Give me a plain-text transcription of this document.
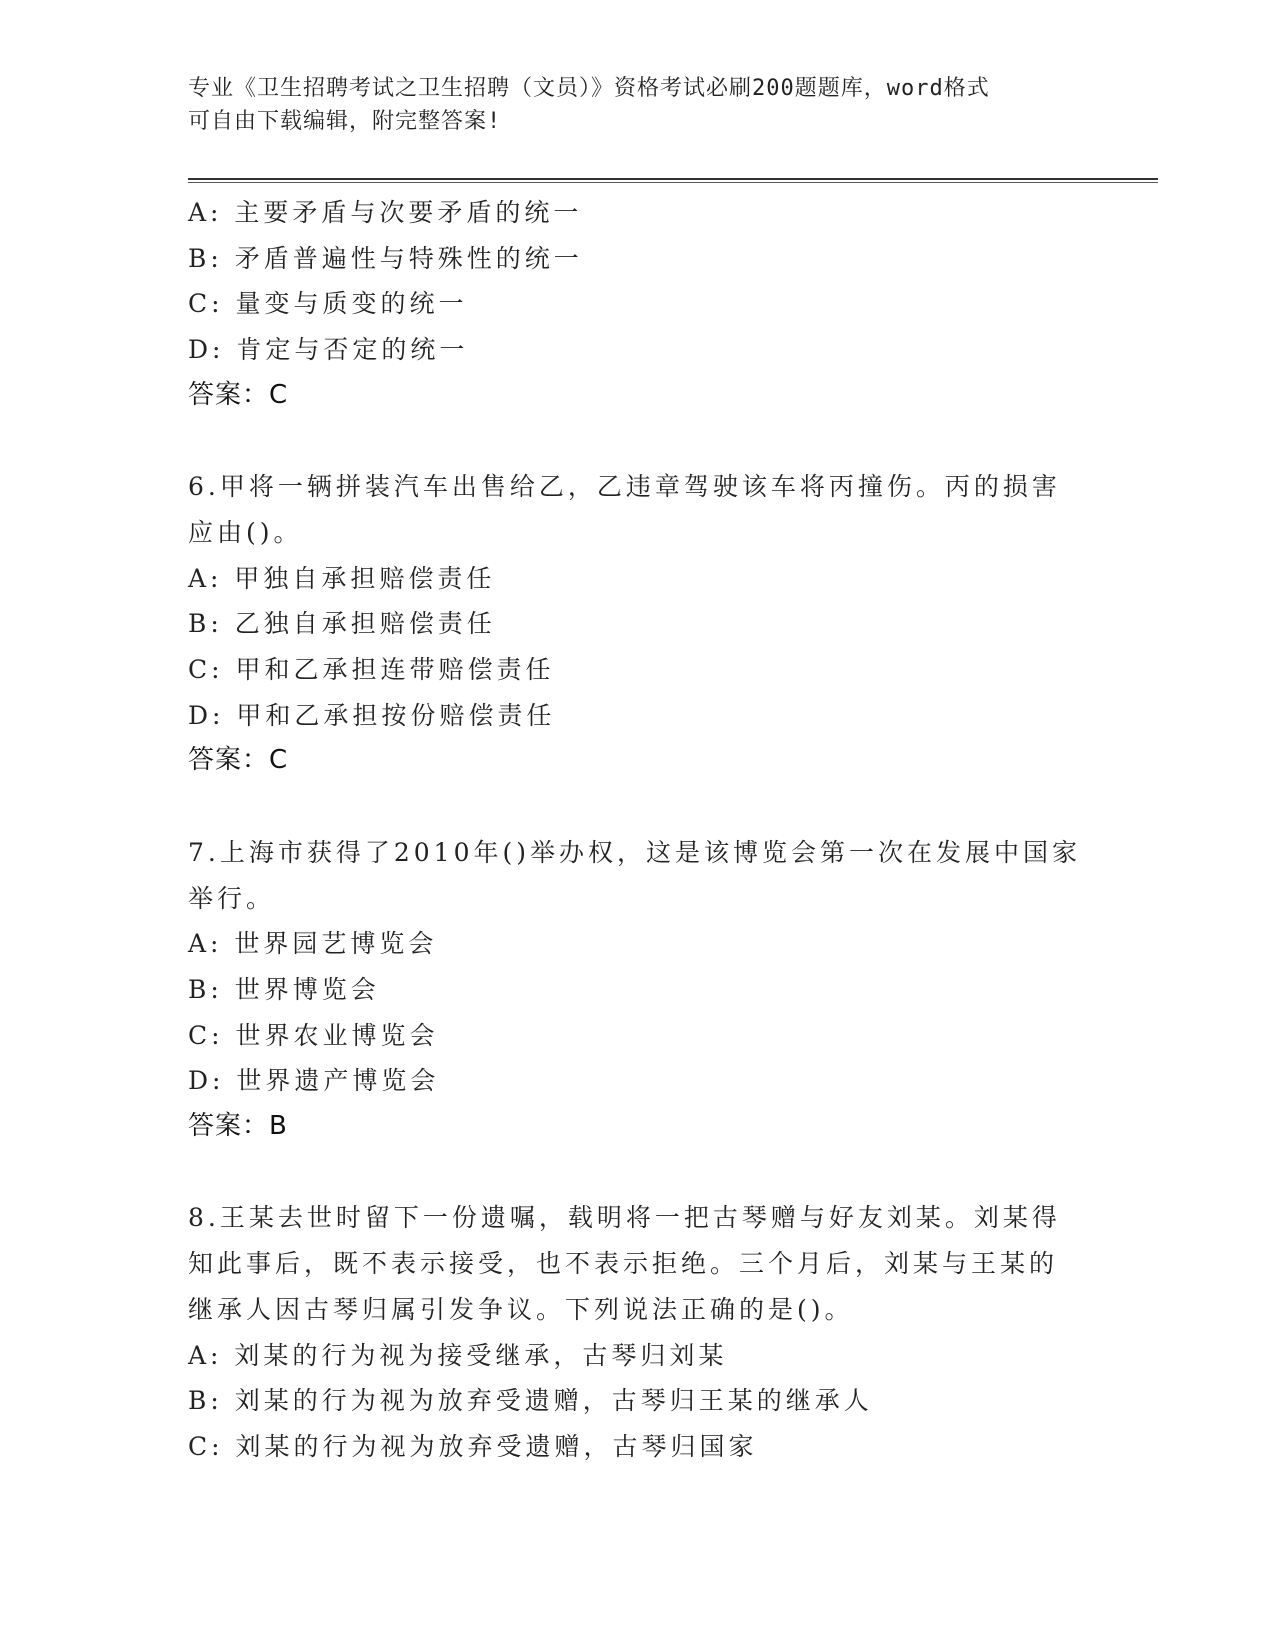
专业《卫生招聘考试之卫生招聘（文员）》资格考试必刷200题题库，word格式
可自由下载编辑，附完整答案!
A: 主要矛盾与次要矛盾的统一
B: 矛盾普遍性与特殊性的统一
C: 量变与质变的统一
D: 肯定与否定的统一
答案：C
6.甲将一辆拼装汽车出售给乙，乙违章驾驶该车将丙撞伤。丙的损害
应由()。
A: 甲独自承担赔偿责任
B: 乙独自承担赔偿责任
C: 甲和乙承担连带赔偿责任
D: 甲和乙承担按份赔偿责任
答案：C
7.上海市获得了2010年()举办权，这是该博览会第一次在发展中国家
举行。
A: 世界园艺博览会
B: 世界博览会
C: 世界农业博览会
D: 世界遗产博览会
答案：B
8.王某去世时留下一份遗嘱，载明将一把古琴赠与好友刘某。刘某得
知此事后，既不表示接受，也不表示拒绝。三个月后，刘某与王某的
继承人因古琴归属引发争议。下列说法正确的是()。
A: 刘某的行为视为接受继承，古琴归刘某
B: 刘某的行为视为放弃受遗赠，古琴归王某的继承人
C: 刘某的行为视为放弃受遗赠，古琴归国家
